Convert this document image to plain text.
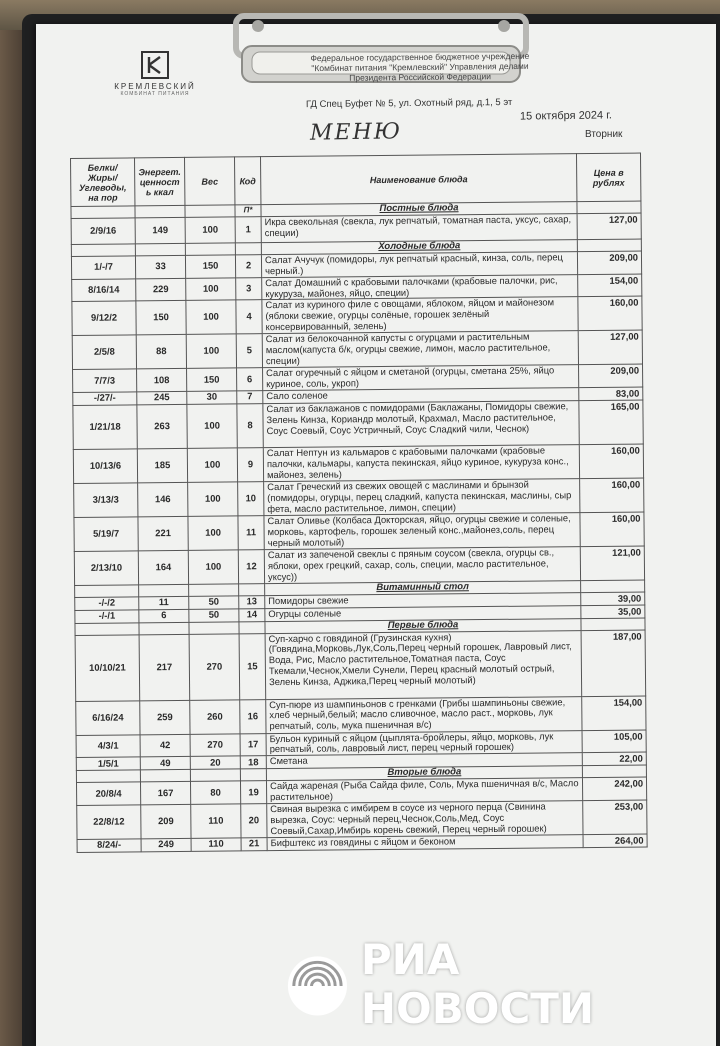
КРЕМЛЕВСКИЙ
КОМБИНАТ ПИТАНИЯ
Федеральное государственное бюджетное учреждение
"Комбинат питания "Кремлевский" Управления делами
Президента Российской Федерации
ГД Спец Буфет № 5, ул. Охотный ряд, д.1, 5 эт
МЕНЮ
15 октября 2024 г.
Вторник
Белки/ Жиры/ Углеводы, на пор	Энергет. ценност ь ккал	Вес	Код	Наименование блюда	Цена в рублях
			П*	Постные блюда	
2/9/16	149	100	1	Икра свекольная (свекла, лук репчатый, томатная паста, уксус, сахар, специи)	127,00
				Холодные блюда	
1/-/7	33	150	2	Салат Ачучук (помидоры, лук репчатый красный, кинза, соль, перец черный.)	209,00
8/16/14	229	100	3	Салат Домашний с крабовыми палочками (крабовые палочки, рис, кукуруза, майонез, яйцо, специи)	154,00
9/12/2	150	100	4	Салат из куриного филе с овощами, яблоком, яйцом и майонезом (яблоки свежие, огурцы солёные, горошек зелёный консервированный, зелень)	160,00
2/5/8	88	100	5	Салат из белокочанной капусты с огурцами и растительным маслом(капуста б/к, огурцы свежие, лимон, масло растительное, специи)	127,00
7/7/3	108	150	6	Салат огуречный с яйцом и сметаной (огурцы, сметана 25%, яйцо куриное, соль, укроп)	209,00
-/27/-	245	30	7	Сало соленое	83,00
1/21/18	263	100	8	Салат из баклажанов с помидорами (Баклажаны, Помидоры свежие, Зелень Кинза, Кориандр молотый, Крахмал, Масло растительное, Соус Соевый, Соус Устричный, Соус Сладкий чили, Чеснок)	165,00
10/13/6	185	100	9	Салат Нептун из кальмаров с крабовыми палочками (крабовые палочки, кальмары, капуста пекинская, яйцо куриное, кукуруза конс., майонез, зелень)	160,00
3/13/3	146	100	10	Салат Греческий из свежих овощей с маслинами и брынзой (помидоры, огурцы, перец сладкий, капуста пекинская, маслины, сыр фета, масло растительное, лимон, специи)	160,00
5/19/7	221	100	11	Салат Оливье (Колбаса Докторская, яйцо, огурцы свежие и соленые, морковь, картофель, горошек зеленый конс.,майонез,соль, перец черный молотый)	160,00
2/13/10	164	100	12	Салат из запеченой свеклы с пряным соусом (свекла, огурцы св., яблоки, орех грецкий, сахар, соль, специи, масло растительное, уксус))	121,00
				Витаминный стол	
-/-/2	11	50	13	Помидоры свежие	39,00
-/-/1	6	50	14	Огурцы соленые	35,00
				Первые блюда	
10/10/21	217	270	15	Суп-харчо с говядиной (Грузинская кухня) (Говядина,Морковь,Лук,Соль,Перец черный горошек, Лавровый лист, Вода, Рис, Масло растительное,Томатная паста, Соус Ткемали,Чеснок,Хмели Сунели, Перец красный молотый острый, Зелень Кинза, Аджика,Перец черный молотый)	187,00
6/16/24	259	260	16	Суп-пюре из шампиньонов с гренками (Грибы шампиньоны свежие, хлеб черный,белый; масло сливочное, масло раст., морковь, лук репчатый, соль, мука пшеничная в/с)	154,00
4/3/1	42	270	17	Бульон куриный с яйцом (цыплята-бройлеры, яйцо, морковь, лук репчатый, соль, лавровый лист, перец черный горошек)	105,00
1/5/1	49	20	18	Сметана	22,00
				Вторые блюда	
20/8/4	167	80	19	Сайда жареная (Рыба Сайда филе, Соль, Мука пшеничная в/с, Масло растительное)	242,00
22/8/12	209	110	20	Свиная вырезка с имбирем в соусе из черного перца (Свинина вырезка, Соус: черный перец,Чеснок,Соль,Мед, Соус Соевый,Сахар,Имбирь корень свежий, Перец черный горошек)	253,00
8/24/-	249	110	21	Бифштекс из говядины с яйцом и беконом	264,00
РИА НОВОСТИ
